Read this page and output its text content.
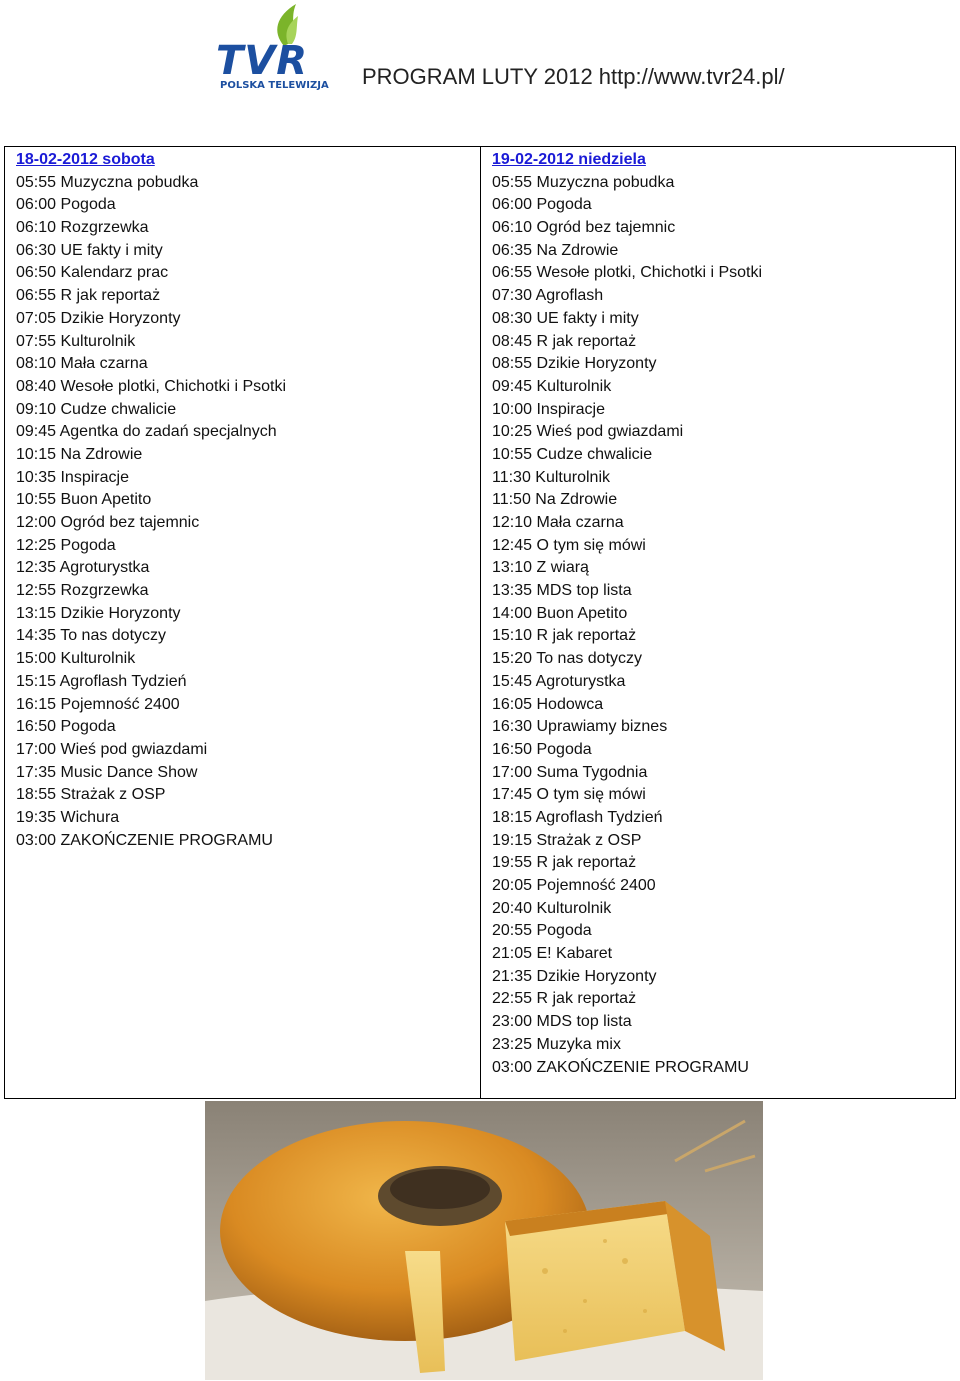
TVR
POLSKA TELEWIZJA PROGRAM LUTY 2012 http://www.tvr24.pl/
18-02-2012 sobota
05:55 Muzyczna pobudka
06:00 Pogoda
06:10 Rozgrzewka
06:30 UE fakty i mity
06:50 Kalendarz prac
06:55 R jak reportaż
07:05 Dzikie Horyzonty
07:55 Kulturolnik
08:10 Mała czarna
08:40 Wesołe plotki, Chichotki i Psotki
09:10 Cudze chwalicie
09:45 Agentka do zadań specjalnych
10:15 Na Zdrowie
10:35 Inspiracje
10:55 Buon Apetito
12:00 Ogród bez tajemnic
12:25 Pogoda
12:35 Agroturystka
12:55 Rozgrzewka
13:15 Dzikie Horyzonty
14:35 To nas dotyczy
15:00 Kulturolnik
15:15 Agroflash Tydzień
16:15 Pojemność 2400
16:50 Pogoda
17:00 Wieś pod gwiazdami
17:35 Music Dance Show
18:55 Strażak z OSP
19:35 Wichura
03:00 ZAKOŃCZENIE PROGRAMU
19-02-2012 niedziela
05:55 Muzyczna pobudka
06:00 Pogoda
06:10 Ogród bez tajemnic
06:35 Na Zdrowie
06:55 Wesołe plotki, Chichotki i Psotki
07:30 Agroflash
08:30 UE fakty i mity
08:45 R jak reportaż
08:55 Dzikie Horyzonty
09:45 Kulturolnik
10:00 Inspiracje
10:25 Wieś pod gwiazdami
10:55 Cudze chwalicie
11:30 Kulturolnik
11:50 Na Zdrowie
12:10 Mała czarna
12:45 O tym się mówi
13:10 Z wiarą
13:35 MDS top lista
14:00 Buon Apetito
15:10 R jak reportaż
15:20 To nas dotyczy
15:45 Agroturystka
16:05 Hodowca
16:30 Uprawiamy biznes
16:50 Pogoda
17:00 Suma Tygodnia
17:45 O tym się mówi
18:15 Agroflash Tydzień
19:15 Strażak z OSP
19:55 R jak reportaż
20:05 Pojemność 2400
20:40 Kulturolnik
20:55 Pogoda
21:05 E! Kabaret
21:35 Dzikie Horyzonty
22:55 R jak reportaż
23:00 MDS top lista
23:25 Muzyka mix
03:00 ZAKOŃCZENIE PROGRAMU
